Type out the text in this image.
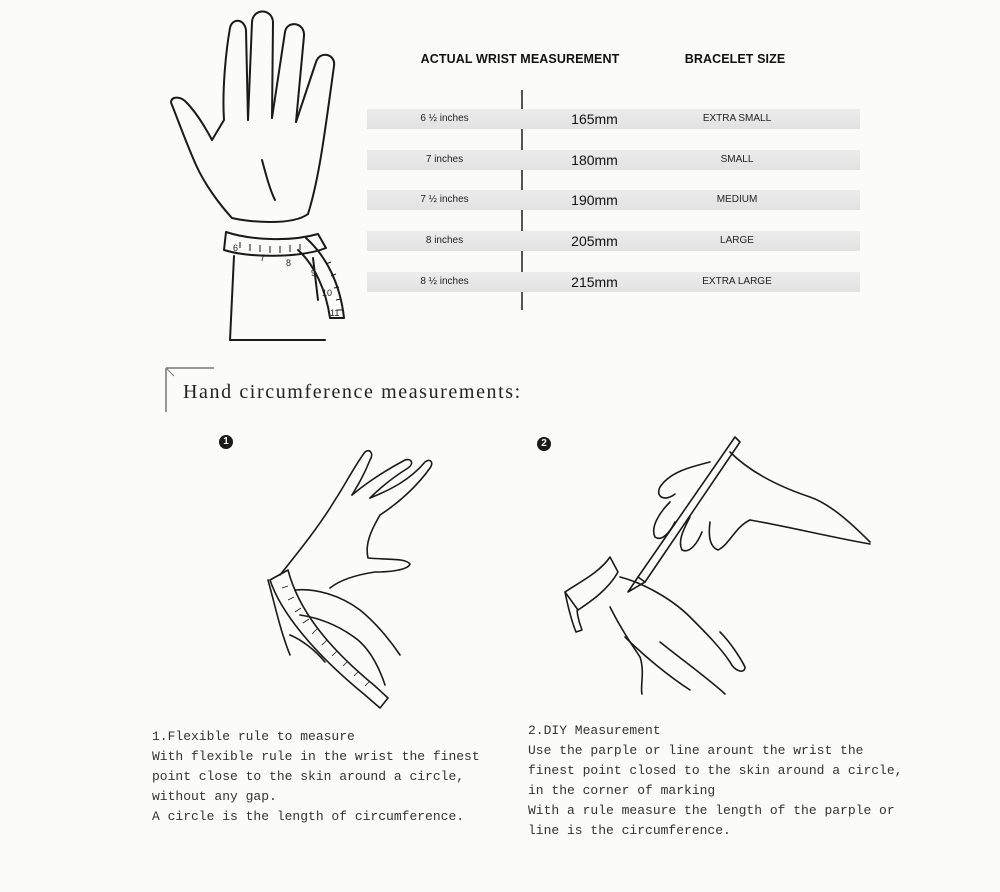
6
7 8
9
10
11
ACTUAL WRIST MEASUREMENT	BRACELET SIZE
6 ½ inches	165mm	EXTRA SMALL
7 inches	180mm	SMALL
7 ½ inches	190mm	MEDIUM
8 inches	205mm	LARGE
8 ½ inches	215mm	EXTRA LARGE
Hand circumference measurements:
1	2
1.Flexible rule to measure
With flexible rule in the wrist the finest
point close to the skin around a circle,
without any gap.
A circle is the length of circumference.
2.DIY Measurement
Use the parple or line arount the wrist the
finest point closed to the skin around a circle,
in the corner of marking
With a rule measure the length of the parple or
line is the circumference.
